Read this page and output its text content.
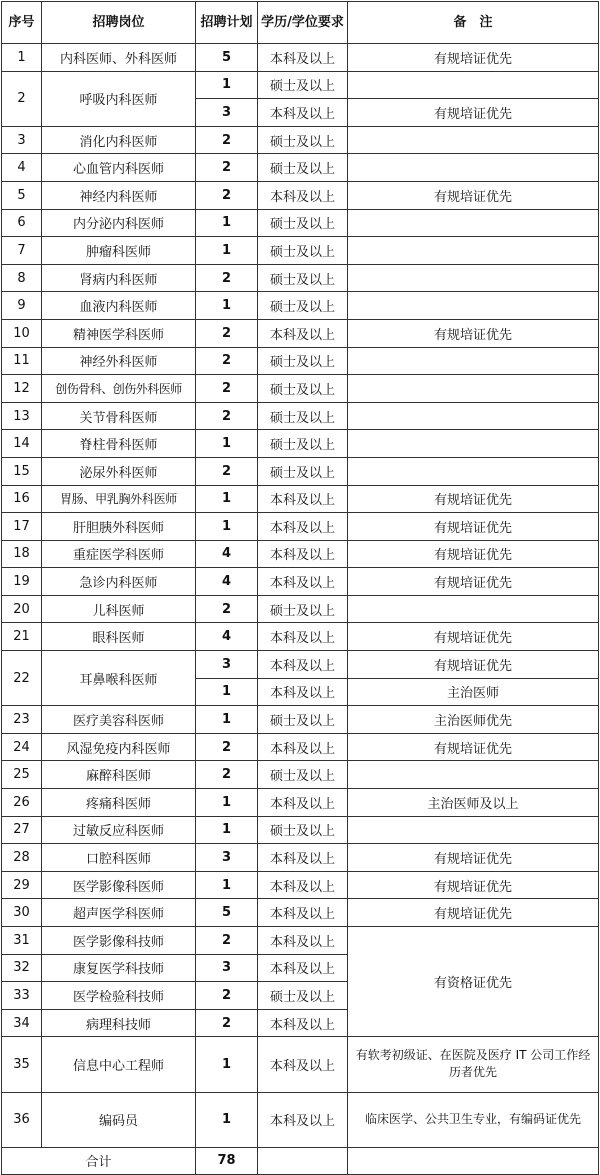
序号	招聘岗位	招聘计划	学历/学位要求	备　注
1	内科医师、外科医师	5	本科及以上	有规培证优先
2	呼吸内科医师	1	硕士及以上	
		3	本科及以上	有规培证优先
3	消化内科医师	2	硕士及以上	
4	心血管内科医师	2	硕士及以上	
5	神经内科医师	2	本科及以上	有规培证优先
6	内分泌内科医师	1	硕士及以上	
7	肿瘤科医师	1	硕士及以上	
8	肾病内科医师	2	硕士及以上	
9	血液内科医师	1	硕士及以上	
10	精神医学科医师	2	本科及以上	有规培证优先
11	神经外科医师	2	硕士及以上	
12	创伤骨科、创伤外科医师	2	硕士及以上	
13	关节骨科医师	2	硕士及以上	
14	脊柱骨科医师	1	硕士及以上	
15	泌尿外科医师	2	硕士及以上	
16	胃肠、甲乳胸外科医师	1	本科及以上	有规培证优先
17	肝胆胰外科医师	1	本科及以上	有规培证优先
18	重症医学科医师	4	本科及以上	有规培证优先
19	急诊内科医师	4	本科及以上	有规培证优先
20	儿科医师	2	硕士及以上	
21	眼科医师	4	本科及以上	有规培证优先
22	耳鼻喉科医师	3	本科及以上	有规培证优先
		1	本科及以上	主治医师
23	医疗美容科医师	1	硕士及以上	主治医师优先
24	风湿免疫内科医师	2	本科及以上	有规培证优先
25	麻醉科医师	2	硕士及以上	
26	疼痛科医师	1	本科及以上	主治医师及以上
27	过敏反应科医师	1	硕士及以上	
28	口腔科医师	3	本科及以上	有规培证优先
29	医学影像科医师	1	本科及以上	有规培证优先
30	超声医学科医师	5	本科及以上	有规培证优先
31	医学影像科技师	2	本科及以上	有资格证优先
32	康复医学科技师	3	本科及以上	
33	医学检验科技师	2	硕士及以上	
34	病理科技师	2	本科及以上	
35	信息中心工程师	1	本科及以上	有软考初级证、在医院及医疗 IT 公司工作经历者优先
36	编码员	1	本科及以上	临床医学、公共卫生专业，有编码证优先
合计		78		
